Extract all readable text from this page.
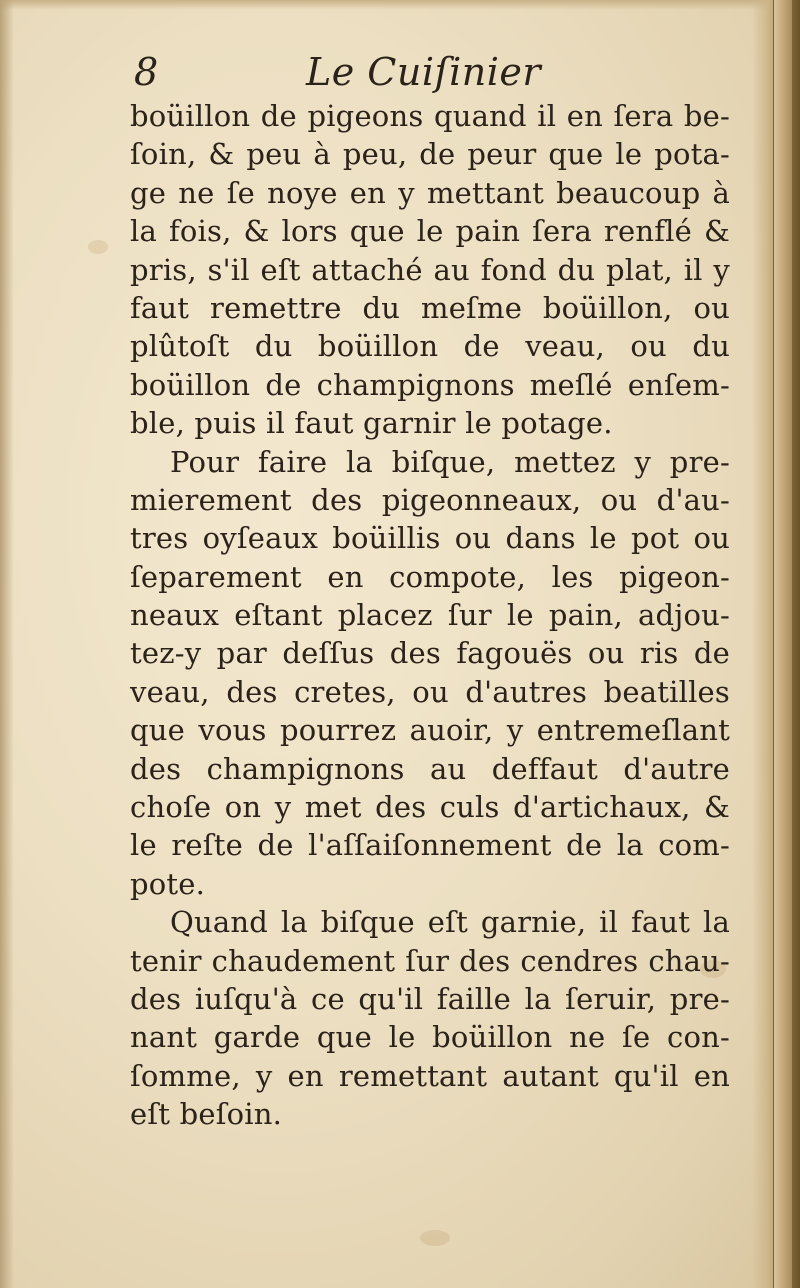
8	Le Cuiſinier
boüillon de pigeons quand il en ſera be-
ſoin, & peu à peu, de peur que le pota-
ge ne ſe noye en y mettant beaucoup à
la fois, & lors que le pain ſera renflé &
pris, s'il eſt attaché au fond du plat, il y
faut remettre du meſme boüillon, ou
plûtoſt du boüillon de veau, ou du
boüillon de champignons meſlé enſem-
ble, puis il faut garnir le potage.
Pour faire la biſque, mettez y pre-
mierement des pigeonneaux, ou d'au-
tres oyſeaux boüillis ou dans le pot ou
ſeparement en compote, les pigeon-
neaux eſtant placez ſur le pain, adjou-
tez-y par deſſus des fagouës ou ris de
veau, des cretes, ou d'autres beatilles
que vous pourrez auoir, y entremeſlant
des champignons au deffaut d'autre
choſe on y met des culs d'artichaux, &
le reſte de l'aſſaiſonnement de la com-
pote.
Quand la biſque eſt garnie, il faut la
tenir chaudement ſur des cendres chau-
des iuſqu'à ce qu'il faille la ſeruir, pre-
nant garde que le boüillon ne ſe con-
ſomme, y en remettant autant qu'il en
eſt beſoin.
